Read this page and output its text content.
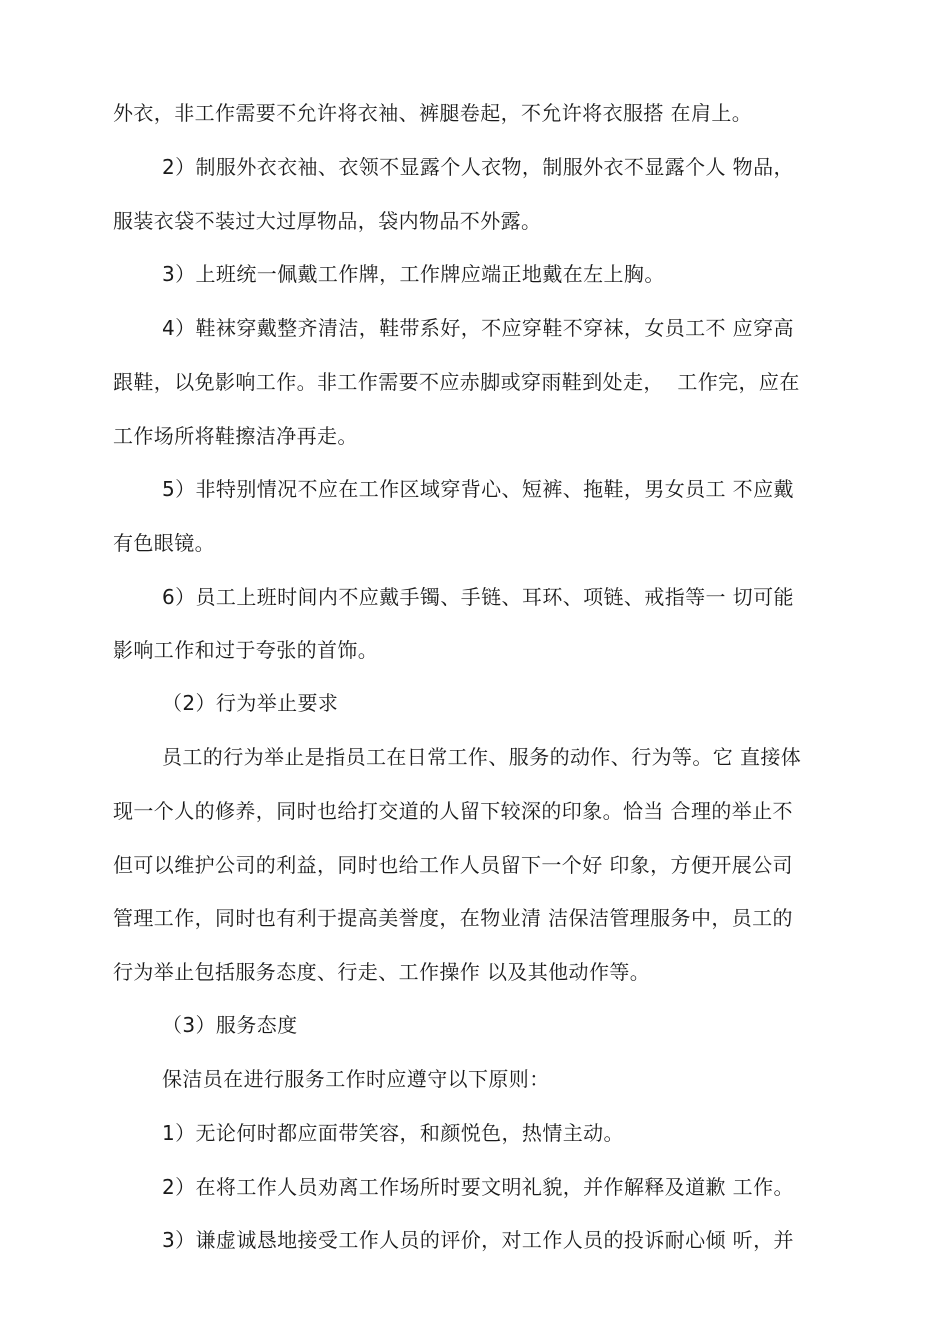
外衣，非工作需要不允许将衣袖、裤腿卷起，不允许将衣服搭 在肩上。
2）制服外衣衣袖、衣领不显露个人衣物，制服外衣不显露个人 物品，
服装衣袋不装过大过厚物品，袋内物品不外露。
3）上班统一佩戴工作牌，工作牌应端正地戴在左上胸。
4）鞋袜穿戴整齐清洁，鞋带系好，不应穿鞋不穿袜，女员工不 应穿高
跟鞋，以免影响工作。非工作需要不应赤脚或穿雨鞋到处走，  工作完，应在
工作场所将鞋擦洁净再走。
5）非特别情况不应在工作区域穿背心、短裤、拖鞋，男女员工 不应戴
有色眼镜。
6）员工上班时间内不应戴手镯、手链、耳环、项链、戒指等一 切可能
影响工作和过于夸张的首饰。
（2）行为举止要求
员工的行为举止是指员工在日常工作、服务的动作、行为等。它 直接体
现一个人的修养，同时也给打交道的人留下较深的印象。恰当 合理的举止不
但可以维护公司的利益，同时也给工作人员留下一个好 印象，方便开展公司
管理工作，同时也有利于提高美誉度，在物业清 洁保洁管理服务中，员工的
行为举止包括服务态度、行走、工作操作 以及其他动作等。
（3）服务态度
保洁员在进行服务工作时应遵守以下原则：
1）无论何时都应面带笑容，和颜悦色，热情主动。
2）在将工作人员劝离工作场所时要文明礼貌，并作解释及道歉 工作。
3）谦虚诚恳地接受工作人员的评价，对工作人员的投诉耐心倾 听，并
